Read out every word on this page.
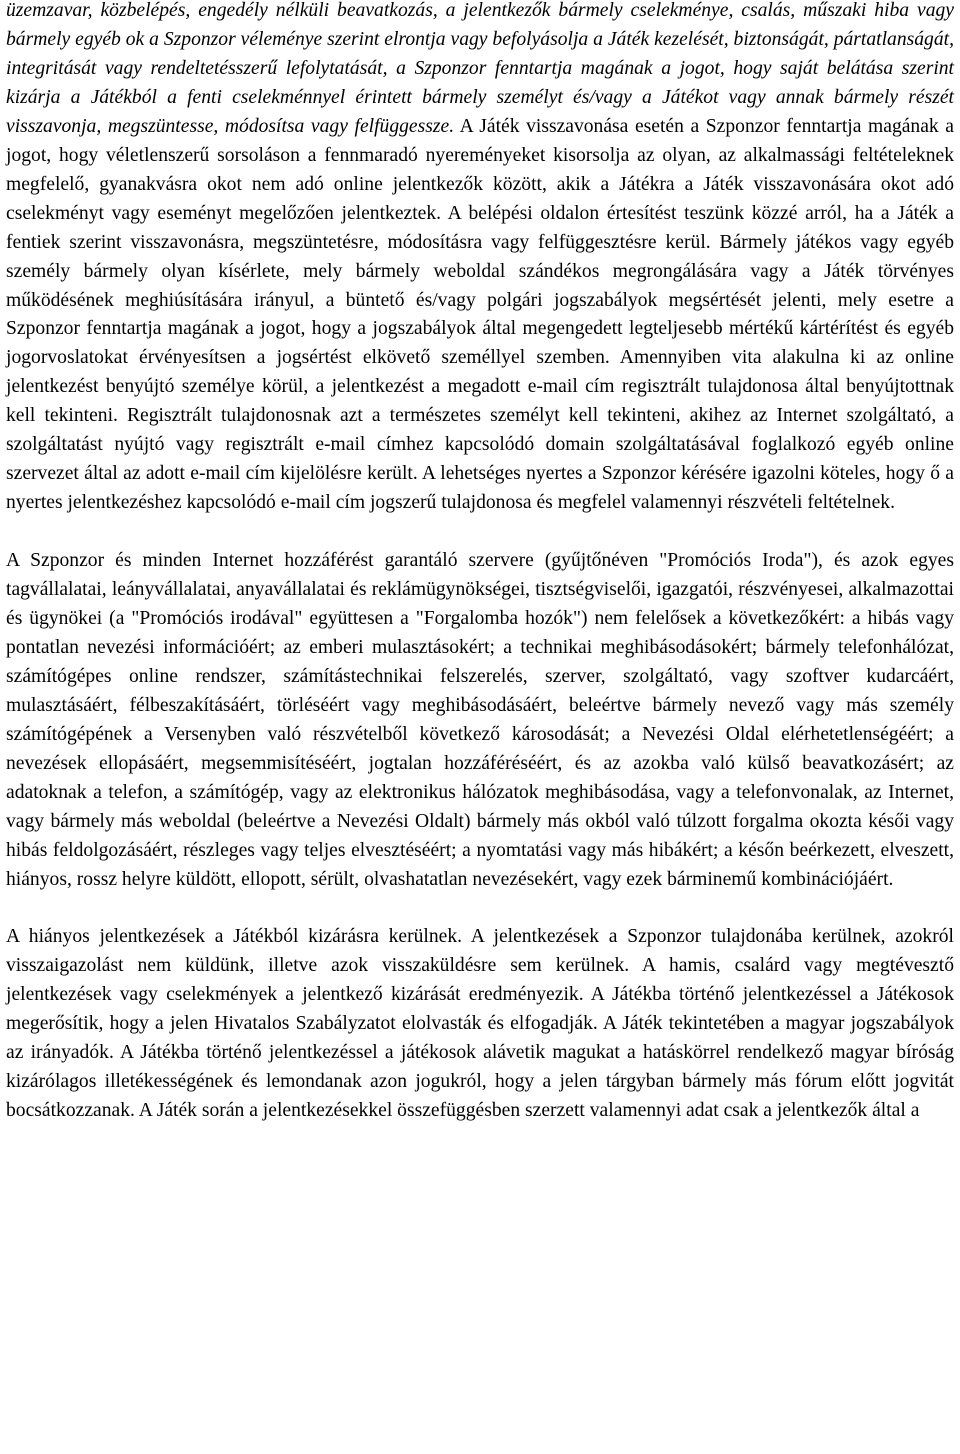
üzemzavar, közbelépés, engedély nélküli beavatkozás, a jelentkezők bármely cselekménye, csalás, műszaki hiba vagy bármely egyéb ok a Szponzor véleménye szerint elrontja vagy befolyásolja a Játék kezelését, biztonságát, pártatlanságát, integritását vagy rendeltetésszerű lefolytatását, a Szponzor fenntartja magának a jogot, hogy saját belátása szerint kizárja a Játékból a fenti cselekménnyel érintett bármely személyt és/vagy a Játékot vagy annak bármely részét visszavonja, megszüntesse, módosítsa vagy felfüggessze. A Játék visszavonása esetén a Szponzor fenntartja magának a jogot, hogy véletlenszerű sorsoláson a fennmaradó nyereményeket kisorsolja az olyan, az alkalmassági feltételeknek megfelelő, gyanakvásra okot nem adó online jelentkezők között, akik a Játékra a Játék visszavonására okot adó cselekményt vagy eseményt megelőzően jelentkeztek. A belépési oldalon értesítést teszünk közzé arról, ha a Játék a fentiek szerint visszavonásra, megszüntetésre, módosításra vagy felfüggesztésre kerül. Bármely játékos vagy egyéb személy bármely olyan kísérlete, mely bármely weboldal szándékos megrongálására vagy a Játék törvényes működésének meghiúsítására irányul, a büntető és/vagy polgári jogszabályok megsértését jelenti, mely esetre a Szponzor fenntartja magának a jogot, hogy a jogszabályok által megengedett legteljesebb mértékű kártérítést és egyéb jogorvoslatokat érvényesítsen a jogsértést elkövető személlyel szemben. Amennyiben vita alakulna ki az online jelentkezést benyújtó személye körül, a jelentkezést a megadott e-mail cím regisztrált tulajdonosa által benyújtottnak kell tekinteni. Regisztrált tulajdonosnak azt a természetes személyt kell tekinteni, akihez az Internet szolgáltató, a szolgáltatást nyújtó vagy regisztrált e-mail címhez kapcsolódó domain szolgáltatásával foglalkozó egyéb online szervezet által az adott e-mail cím kijelölésre került. A lehetséges nyertes a Szponzor kérésére igazolni köteles, hogy ő a nyertes jelentkezéshez kapcsolódó e-mail cím jogszerű tulajdonosa és megfelel valamennyi részvételi feltételnek.

A Szponzor és minden Internet hozzáférést garantáló szervere (gyűjtőnéven "Promóciós Iroda"), és azok egyes tagvállalatai, leányvállalatai, anyavállalatai és reklámügynökségei, tisztségviselői, igazgatói, részvényesei, alkalmazottai és ügynökei (a "Promóciós irodával" együttesen a "Forgalomba hozók") nem felelősek a következőkért: a hibás vagy pontatlan nevezési információért; az emberi mulasztásokért; a technikai meghibásodásokért; bármely telefonhálózat, számítógépes online rendszer, számítástechnikai felszerelés, szerver, szolgáltató, vagy szoftver kudarcáért, mulasztásáért, félbeszakításáért, törléséért vagy meghibásodásáért, beleértve bármely nevező vagy más személy számítógépének a Versenyben való részvételből következő károsodását; a Nevezési Oldal elérhetetlenségéért; a nevezések ellopásáért, megsemmisítéséért, jogtalan hozzáféréséért, és az azokba való külső beavatkozásért; az adatoknak a telefon, a számítógép, vagy az elektronikus hálózatok meghibásodása, vagy a telefonvonalak, az Internet, vagy bármely más weboldal (beleértve a Nevezési Oldalt) bármely más okból való túlzott forgalma okozta késői vagy hibás feldolgozásáért, részleges vagy teljes elvesztéséért; a nyomtatási vagy más hibákért; a későn beérkezett, elveszett, hiányos, rossz helyre küldött, ellopott, sérült, olvashatatlan nevezésekért, vagy ezek bárminemű kombinációjáért.

A hiányos jelentkezések a Játékból kizárásra kerülnek. A jelentkezések a Szponzor tulajdonába kerülnek, azokról visszaigazolást nem küldünk, illetve azok visszaküldésre sem kerülnek. A hamis, csalárd vagy megtévesztő jelentkezések vagy cselekmények a jelentkező kizárását eredményezik. A Játékba történő jelentkezéssel a Játékosok megerősítik, hogy a jelen Hivatalos Szabályzatot elolvasták és elfogadják. A Játék tekintetében a magyar jogszabályok az irányadók. A Játékba történő jelentkezéssel a játékosok alávetik magukat a hatáskörrel rendelkező magyar bíróság kizárólagos illetékességének és lemondanak azon jogukról, hogy a jelen tárgyban bármely más fórum előtt jogvitát bocsátkozzanak. A Játék során a jelentkezésekkel összefüggésben szerzett valamennyi adat csak a jelentkezők által a
